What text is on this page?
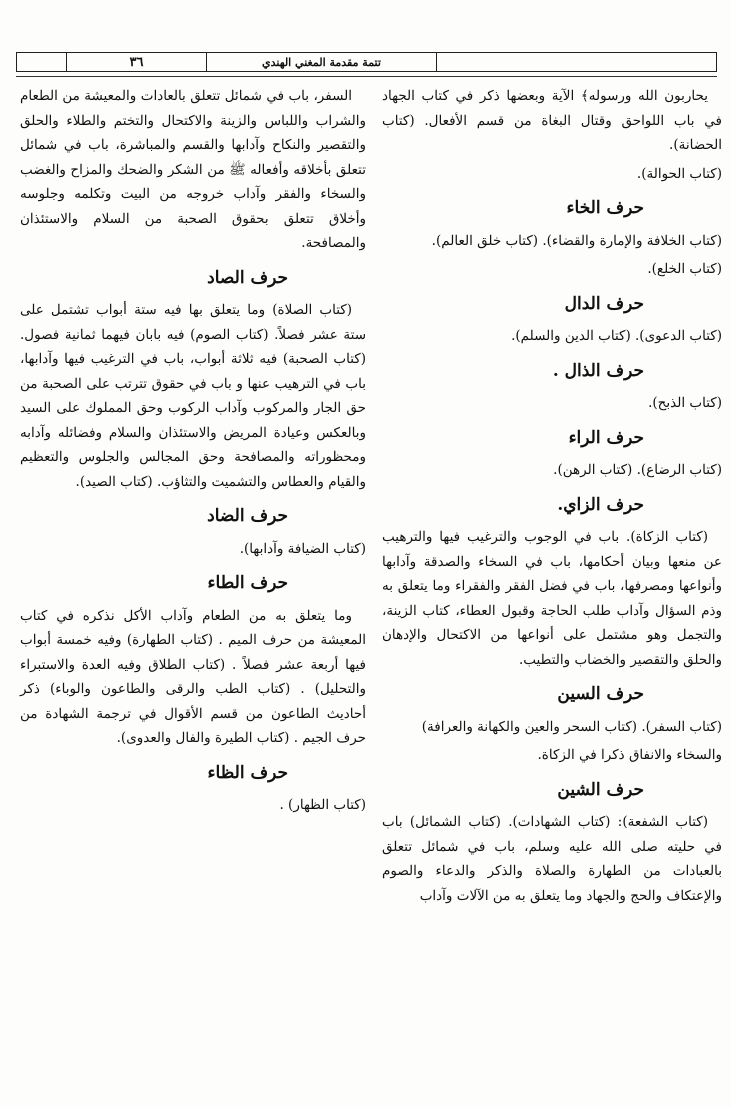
٣٦	تتمة مقدمة المغني الهندي

يحاربون الله ورسوله﴾ الآية وبعضها ذكر في كتاب الجهاد في باب اللواحق وقتال البغاة من قسم الأفعال. (كتاب الحضانة).

(كتاب الحوالة).

حرف الخاء

(كتاب الخلافة والإمارة والقضاء). (كتاب خلق العالم).

(كتاب الخلع).

حرف الدال

(كتاب الدعوى). (كتاب الدين والسلم).

حرف الذال .

(كتاب الذبح).

حرف الراء

(كتاب الرضاع). (كتاب الرهن).

حرف الزاي.

(كتاب الزكاة). باب في الوجوب والترغيب فيها والترهيب عن منعها وبيان أحكامها، باب في السخاء والصدقة وآدابها وأنواعها ومصرفها، باب في فضل الفقر والفقراء وما يتعلق به وذم السؤال وآداب طلب الحاجة وقبول العطاء، كتاب الزينة، والتجمل وهو مشتمل على أنواعها من الاكتحال والإدهان والحلق والتقصير والخضاب والتطيب.

حرف السين

(كتاب السفر). (كتاب السحر والعين والكهانة والعرافة)

والسخاء والانفاق ذكرا في الزكاة.

حرف الشين

(كتاب الشفعة): (كتاب الشهادات). (كتاب الشمائل) باب في حليته صلى الله عليه وسلم، باب في شمائل تتعلق بالعبادات من الطهارة والصلاة والذكر والدعاء والصوم والإعتكاف والحج والجهاد وما يتعلق به من الآلات وآداب

السفر، باب في شمائل تتعلق بالعادات والمعيشة من الطعام والشراب واللباس والزينة والاكتحال والتختم والطلاء والحلق والتقصير والنكاح وآدابها والقسم والمباشرة، باب في شمائل تتعلق بأخلاقه وأفعاله ﷺ من الشكر والضحك والمزاح والغضب والسخاء والفقر وآداب خروجه من البيت وتكلمه وجلوسه وأخلاق تتعلق بحقوق الصحبة من السلام والاستئذان والمصافحة.

حرف الصاد

(كتاب الصلاة) وما يتعلق بها فيه ستة أبواب تشتمل على ستة عشر فصلاً. (كتاب الصوم) فيه بابان فيهما ثمانية فصول. (كتاب الصحبة) فيه ثلاثة أبواب، باب في الترغيب فيها وآدابها، باب في الترهيب عنها و باب في حقوق تترتب على الصحبة من حق الجار والمركوب وآداب الركوب وحق المملوك على السيد وبالعكس وعيادة المريض والاستئذان والسلام وفضائله وآدابه ومحظوراته والمصافحة وحق المجالس والجلوس والتعظيم والقيام والعطاس والتشميت والتثاؤب. (كتاب الصيد).

حرف الضاد

(كتاب الضيافة وآدابها).

حرف الطاء

وما يتعلق به من الطعام وآداب الأكل نذكره في كتاب المعيشة من حرف الميم . (كتاب الطهارة) وفيه خمسة أبواب فيها أربعة عشر فصلاً . (كتاب الطلاق وفيه العدة والاستبراء والتحليل) . (كتاب الطب والرقى والطاعون والوباء) ذكر أحاديث الطاعون من قسم الأقوال في ترجمة الشهادة من حرف الجيم . (كتاب الطيرة والفال والعدوى).

حرف الظاء

(كتاب الظهار) .
